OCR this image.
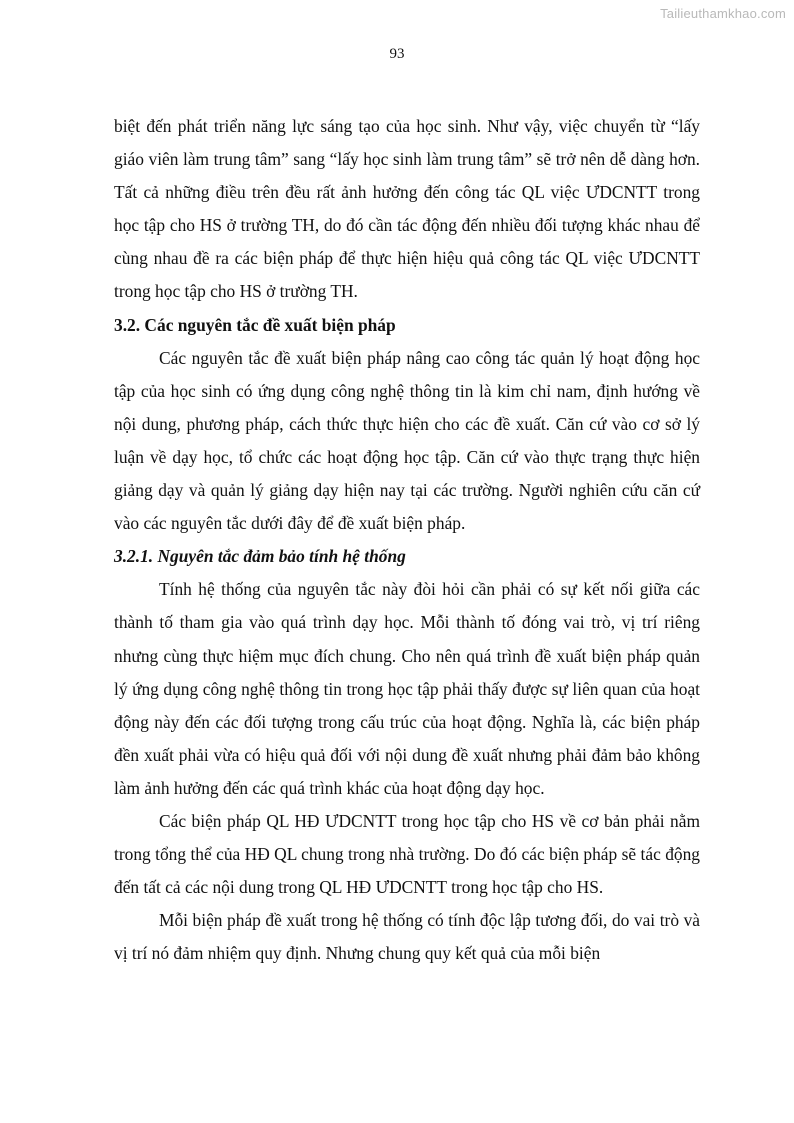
Tailieuthamkhao.com
93

biệt đến phát triển năng lực sáng tạo của học sinh. Như vậy, việc chuyển từ “lấy giáo viên làm trung tâm” sang “lấy học sinh làm trung tâm” sẽ trở nên dễ dàng hơn. Tất cả những điều trên đều rất ảnh hưởng đến công tác QL việc ƯDCNTT trong học tập cho HS ở trường TH, do đó cần tác động đến nhiều đối tượng khác nhau để cùng nhau đề ra các biện pháp để thực hiện hiệu quả công tác QL việc ƯDCNTT trong học tập cho HS ở trường TH.

3.2. Các nguyên tắc đề xuất biện pháp

Các nguyên tắc đề xuất biện pháp nâng cao công tác quản lý hoạt động học tập của học sinh có ứng dụng công nghệ thông tin là kim chỉ nam, định hướng về nội dung, phương pháp, cách thức thực hiện cho các đề xuất. Căn cứ vào cơ sở lý luận về dạy học, tổ chức các hoạt động học tập. Căn cứ vào thực trạng thực hiện giảng dạy và quản lý giảng dạy hiện nay tại các trường. Người nghiên cứu căn cứ vào các nguyên tắc dưới đây để đề xuất biện pháp.

3.2.1. Nguyên tắc đảm bảo tính hệ thống

Tính hệ thống của nguyên tắc này đòi hỏi cần phải có sự kết nối giữa các thành tố tham gia vào quá trình dạy học. Mỗi thành tố đóng vai trò, vị trí riêng nhưng cùng thực hiệm mục đích chung. Cho nên quá trình đề xuất biện pháp quản lý ứng dụng công nghệ thông tin trong học tập phải thấy được sự liên quan của hoạt động này đến các đối tượng trong cấu trúc của hoạt động. Nghĩa là, các biện pháp đền xuất phải vừa có hiệu quả đối với nội dung đề xuất nhưng phải đảm bảo không làm ảnh hưởng đến các quá trình khác của hoạt động dạy học.

Các biện pháp QL HĐ ƯDCNTT trong học tập cho HS về cơ bản phải nằm trong tổng thể của HĐ QL chung trong nhà trường. Do đó các biện pháp sẽ tác động đến tất cả các nội dung trong QL HĐ ƯDCNTT trong học tập cho HS.

Mỗi biện pháp đề xuất trong hệ thống có tính độc lập tương đối, do vai trò và vị trí nó đảm nhiệm quy định. Nhưng chung quy kết quả của mỗi biện
